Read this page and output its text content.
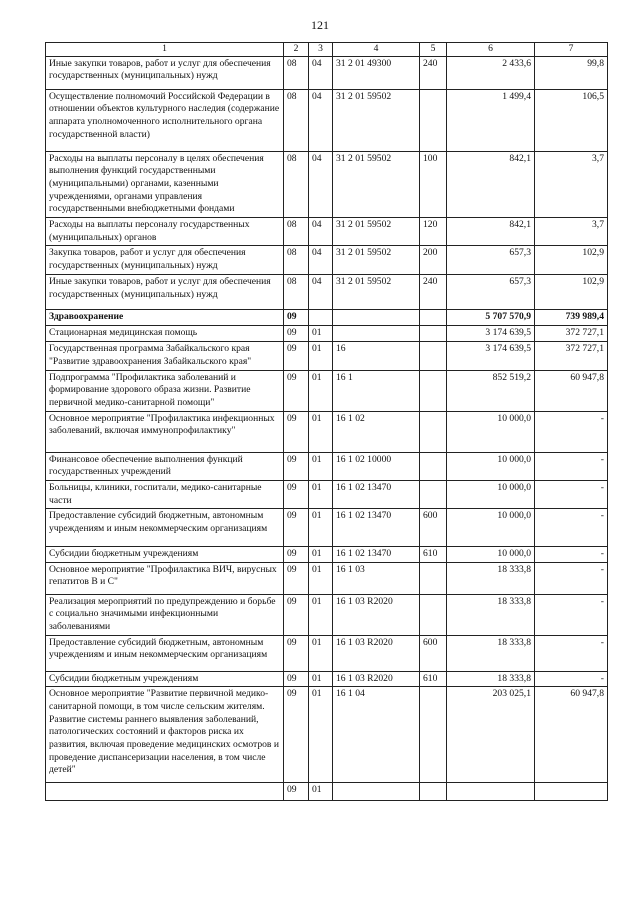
121
1	2	3	4	5	6	7
Иные закупки товаров, работ и услуг для обеспечения государственных (муниципальных) нужд	08	04	31 2 01 49300	240	2 433,6	99,8
Осуществление полномочий Российской Федерации в отношении объектов культурного наследия (содержание аппарата уполномоченного исполнительного органа государственной власти)	08	04	31 2 01 59502		1 499,4	106,5
Расходы на выплаты персоналу в целях обеспечения выполнения функций государственными (муниципальными) органами, казенными учреждениями, органами управления государственными внебюджетными фондами	08	04	31 2 01 59502	100	842,1	3,7
Расходы на выплаты персоналу государственных (муниципальных) органов	08	04	31 2 01 59502	120	842,1	3,7
Закупка товаров, работ и услуг для обеспечения государственных (муниципальных) нужд	08	04	31 2 01 59502	200	657,3	102,9
Иные закупки товаров, работ и услуг для обеспечения государственных (муниципальных) нужд	08	04	31 2 01 59502	240	657,3	102,9
Здравоохранение	09				5 707 570,9	739 989,4
Стационарная медицинская помощь	09	01			3 174 639,5	372 727,1
Государственная программа Забайкальского края "Развитие здравоохранения Забайкальского края"	09	01	16		3 174 639,5	372 727,1
Подпрограмма "Профилактика заболеваний и формирование здорового образа жизни. Развитие первичной медико-санитарной помощи"	09	01	16 1		852 519,2	60 947,8
Основное мероприятие "Профилактика инфекционных заболеваний, включая иммунопрофилактику"	09	01	16 1 02		10 000,0	-
Финансовое обеспечение выполнения функций государственных учреждений	09	01	16 1 02 10000		10 000,0	-
Больницы, клиники, госпитали, медико-санитарные части	09	01	16 1 02 13470		10 000,0	-
Предоставление субсидий бюджетным, автономным учреждениям и иным некоммерческим организациям	09	01	16 1 02 13470	600	10 000,0	-
Субсидии бюджетным учреждениям	09	01	16 1 02 13470	610	10 000,0	-
Основное мероприятие "Профилактика ВИЧ, вирусных гепатитов В и С"	09	01	16 1 03		18 333,8	-
Реализация мероприятий по предупреждению и борьбе с социально значимыми инфекционными заболеваниями	09	01	16 1 03 R2020		18 333,8	-
Предоставление субсидий бюджетным, автономным учреждениям и иным некоммерческим организациям	09	01	16 1 03 R2020	600	18 333,8	-
Субсидии бюджетным учреждениям	09	01	16 1 03 R2020	610	18 333,8	-
Основное мероприятие "Развитие первичной медико-санитарной помощи, в том числе сельским жителям. Развитие системы раннего выявления заболеваний, патологических состояний и факторов риска их развития, включая проведение медицинских осмотров и проведение диспансеризации населения, в том числе детей"	09	01	16 1 04		203 025,1	60 947,8
	09	01				
